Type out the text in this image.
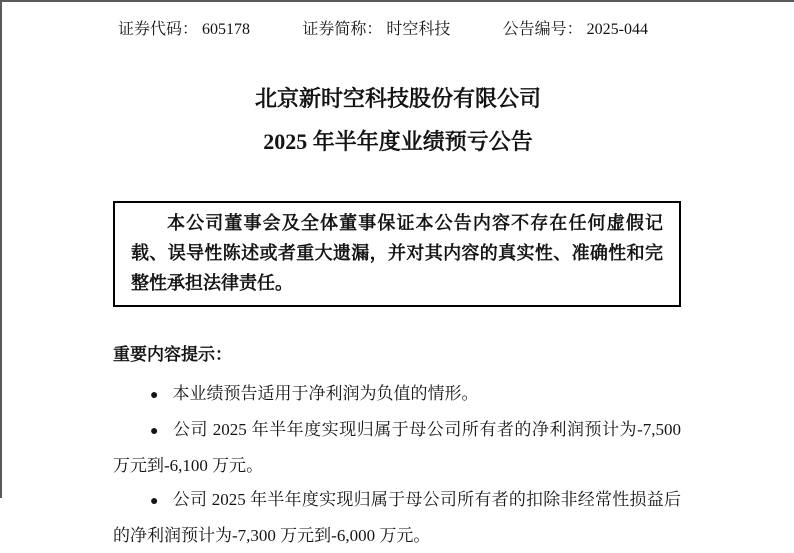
证券代码： 605178	证券简称： 时空科技	公告编号： 2025-044
北京新时空科技股份有限公司
2025 年半年度业绩预亏公告
本公司董事会及全体董事保证本公告内容不存在任何虚假记载、误导性陈述或者重大遗漏，并对其内容的真实性、准确性和完整性承担法律责任。
重要内容提示：

● 本业绩预告适用于净利润为负值的情形。

● 公司 2025 年半年度实现归属于母公司所有者的净利润预计为-7,500 万元到-6,100 万元。

● 公司 2025 年半年度实现归属于母公司所有者的扣除非经常性损益后的净利润预计为-7,300 万元到-6,000 万元。
